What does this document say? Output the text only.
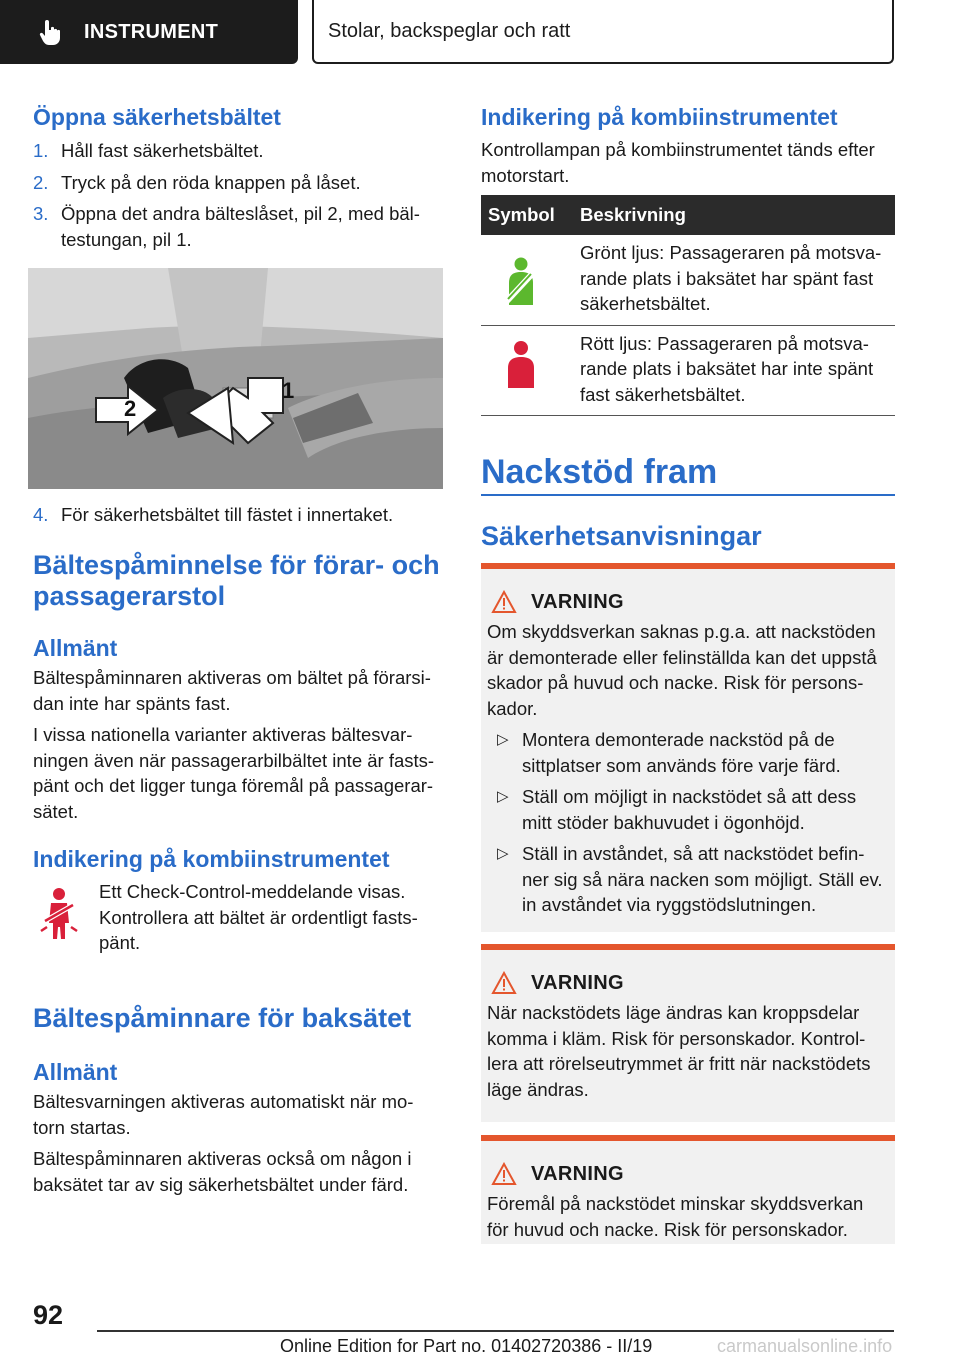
INSTRUMENT	Stolar, backspeglar och ratt
Öppna säkerhetsbältet
1. Håll fast säkerhetsbältet.
2. Tryck på den röda knappen på låset.
3. Öppna det andra bälteslåset, pil 2, med bäl-testungan, pil 1.
2
1
4. För säkerhetsbältet till fästet i innertaket.
Bältespåminnelse för förar- och passagerarstol
Allmänt

Bältespåminnaren aktiveras om bältet på förarsi-dan inte har spänts fast.

I vissa nationella varianter aktiveras bältesvar-ningen även när passagerarbilbältet inte är fasts-pänt och det ligger tunga föremål på passagerar-sätet.

Indikering på kombiinstrumentet

Ett Check-Control-meddelande visas. Kontrollera att bältet är ordentligt fasts-pänt.

Bältespåminnare för baksätet
Allmänt

Bältesvarningen aktiveras automatiskt när mo-torn startas.

Bältespåminnaren aktiveras också om någon i baksätet tar av sig säkerhetsbältet under färd.

Indikering på kombiinstrumentet

Kontrollampan på kombiinstrumentet tänds efter motorstart.

Symbol	Beskrivning
	Grönt ljus: Passageraren på motsva-rande plats i baksätet har spänt fast säkerhetsbältet.
	Rött ljus: Passageraren på motsva-rande plats i baksätet har inte spänt fast säkerhetsbältet.
Nackstöd fram
Säkerhetsanvisningar
VARNING

Om skyddsverkan saknas p.g.a. att nackstöden är demonterade eller felinställda kan det uppstå skador på huvud och nacke. Risk för persons-kador.

▷ Montera demonterade nackstöd på de sittplatser som används före varje färd.
▷ Ställ om möjligt in nackstödet så att dess mitt stöder bakhuvudet i ögonhöjd.
▷ Ställ in avståndet, så att nackstödet befin-ner sig så nära nacken som möjligt. Ställ ev. in avståndet via ryggstödslutningen.
VARNING

När nackstödets läge ändras kan kroppsdelar komma i kläm. Risk för personskador. Kontrol-lera att rörelseutrymmet är fritt när nackstödets läge ändras.

VARNING

Föremål på nackstödet minskar skyddsverkan för huvud och nacke. Risk för personskador.

92
Online Edition for Part no. 01402720386 - II/19	carmanualsonline.info
